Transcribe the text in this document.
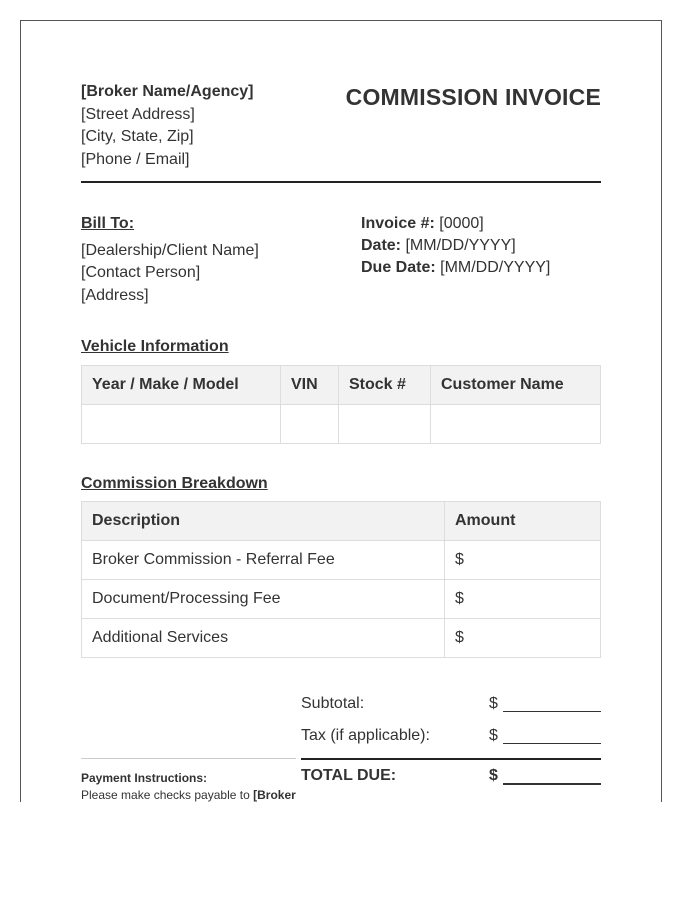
[Broker Name/Agency]
[Street Address]
[City, State, Zip]
[Phone / Email]
COMMISSION INVOICE
Bill To:
[Dealership/Client Name]
[Contact Person]
[Address]
Invoice #: [0000]
Date: [MM/DD/YYYY]
Due Date: [MM/DD/YYYY]
Vehicle Information
Year / Make / Model	VIN	Stock #	Customer Name

Commission Breakdown
Description	Amount
Broker Commission - Referral Fee	$
Document/Processing Fee	$
Additional Services	$
Subtotal:	$
Tax (if applicable):	$
TOTAL DUE:	$
Payment Instructions:
Please make checks payable to [Broker
